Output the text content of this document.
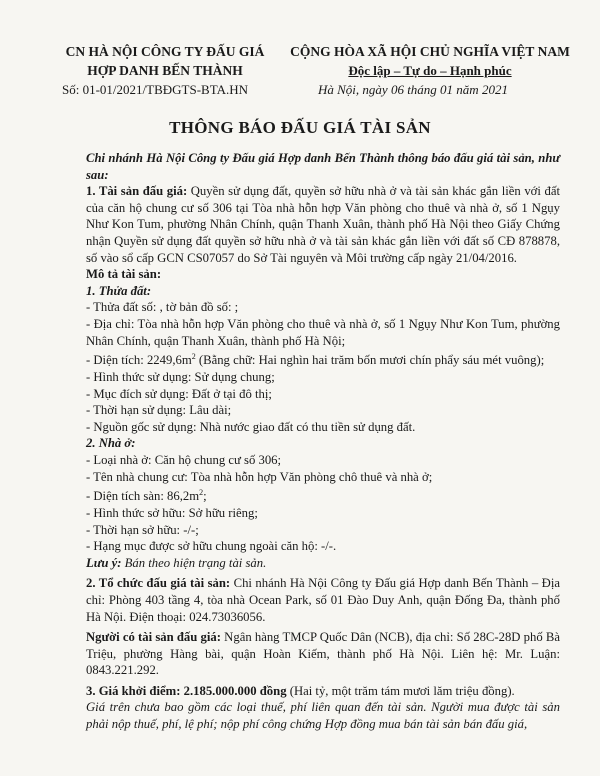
CN HÀ NỘI CÔNG TY ĐẤU GIÁ
HỢP DANH BẾN THÀNH
CỘNG HÒA XÃ HỘI CHỦ NGHĨA VIỆT NAM
Độc lập – Tự do – Hạnh phúc
Số: 01-01/2021/TBĐGTS-BTA.HN	Hà Nội, ngày 06 tháng 01 năm 2021
THÔNG BÁO ĐẤU GIÁ TÀI SẢN

Chi nhánh Hà Nội Công ty Đấu giá Hợp danh Bến Thành thông báo đấu giá tài sản, như sau:

1. Tài sản đấu giá: Quyền sử dụng đất, quyền sở hữu nhà ở và tài sản khác gắn liền với đất của căn hộ chung cư số 306 tại Tòa nhà hỗn hợp Văn phòng cho thuê và nhà ở, số 1 Ngụy Như Kon Tum, phường Nhân Chính, quận Thanh Xuân, thành phố Hà Nội theo Giấy Chứng nhận Quyền sử dụng đất quyền sở hữu nhà ở và tài sản khác gắn liền với đất số CĐ 878878, số vào sổ cấp GCN CS07057 do Sở Tài nguyên và Môi trường cấp ngày 21/04/2016.

Mô tả tài sản:

1. Thửa đất:

- Thửa đất số: , tờ bản đồ số: ;

- Địa chỉ: Tòa nhà hỗn hợp Văn phòng cho thuê và nhà ở, số 1 Ngụy Như Kon Tum, phường Nhân Chính, quận Thanh Xuân, thành phố Hà Nội;

- Diện tích: $2249,6m^2$ (Bằng chữ: Hai nghìn hai trăm bốn mươi chín phẩy sáu mét vuông);

- Hình thức sử dụng: Sử dụng chung;

- Mục đích sử dụng: Đất ở tại đô thị;

- Thời hạn sử dụng: Lâu dài;

- Nguồn gốc sử dụng: Nhà nước giao đất có thu tiền sử dụng đất.

2. Nhà ở:

- Loại nhà ở: Căn hộ chung cư số 306;

- Tên nhà chung cư: Tòa nhà hỗn hợp Văn phòng chô thuê và nhà ở;

- Diện tích sàn: $86,2m^2$;

- Hình thức sở hữu: Sở hữu riêng;

- Thời hạn sở hữu: -/-;

- Hạng mục được sở hữu chung ngoài căn hộ: -/-.

Lưu ý: Bán theo hiện trạng tài sản.

2. Tổ chức đấu giá tài sản: Chi nhánh Hà Nội Công ty Đấu giá Hợp danh Bến Thành – Địa chỉ: Phòng 403 tầng 4, tòa nhà Ocean Park, số 01 Đào Duy Anh, quận Đống Đa, thành phố Hà Nội. Điện thoại: 024.73036056.

Người có tài sản đấu giá: Ngân hàng TMCP Quốc Dân (NCB), địa chỉ: Số 28C-28D phố Bà Triệu, phường Hàng bài, quận Hoàn Kiếm, thành phố Hà Nội. Liên hệ: Mr. Luận: 0843.221.292.

3. Giá khởi điểm: 2.185.000.000 đồng (Hai tỷ, một trăm tám mươi lăm triệu đồng).

Giá trên chưa bao gồm các loại thuế, phí liên quan đến tài sản. Người mua được tài sản phải nộp thuế, phí, lệ phí; nộp phí công chứng Hợp đồng mua bán tài sản bán đấu giá,
